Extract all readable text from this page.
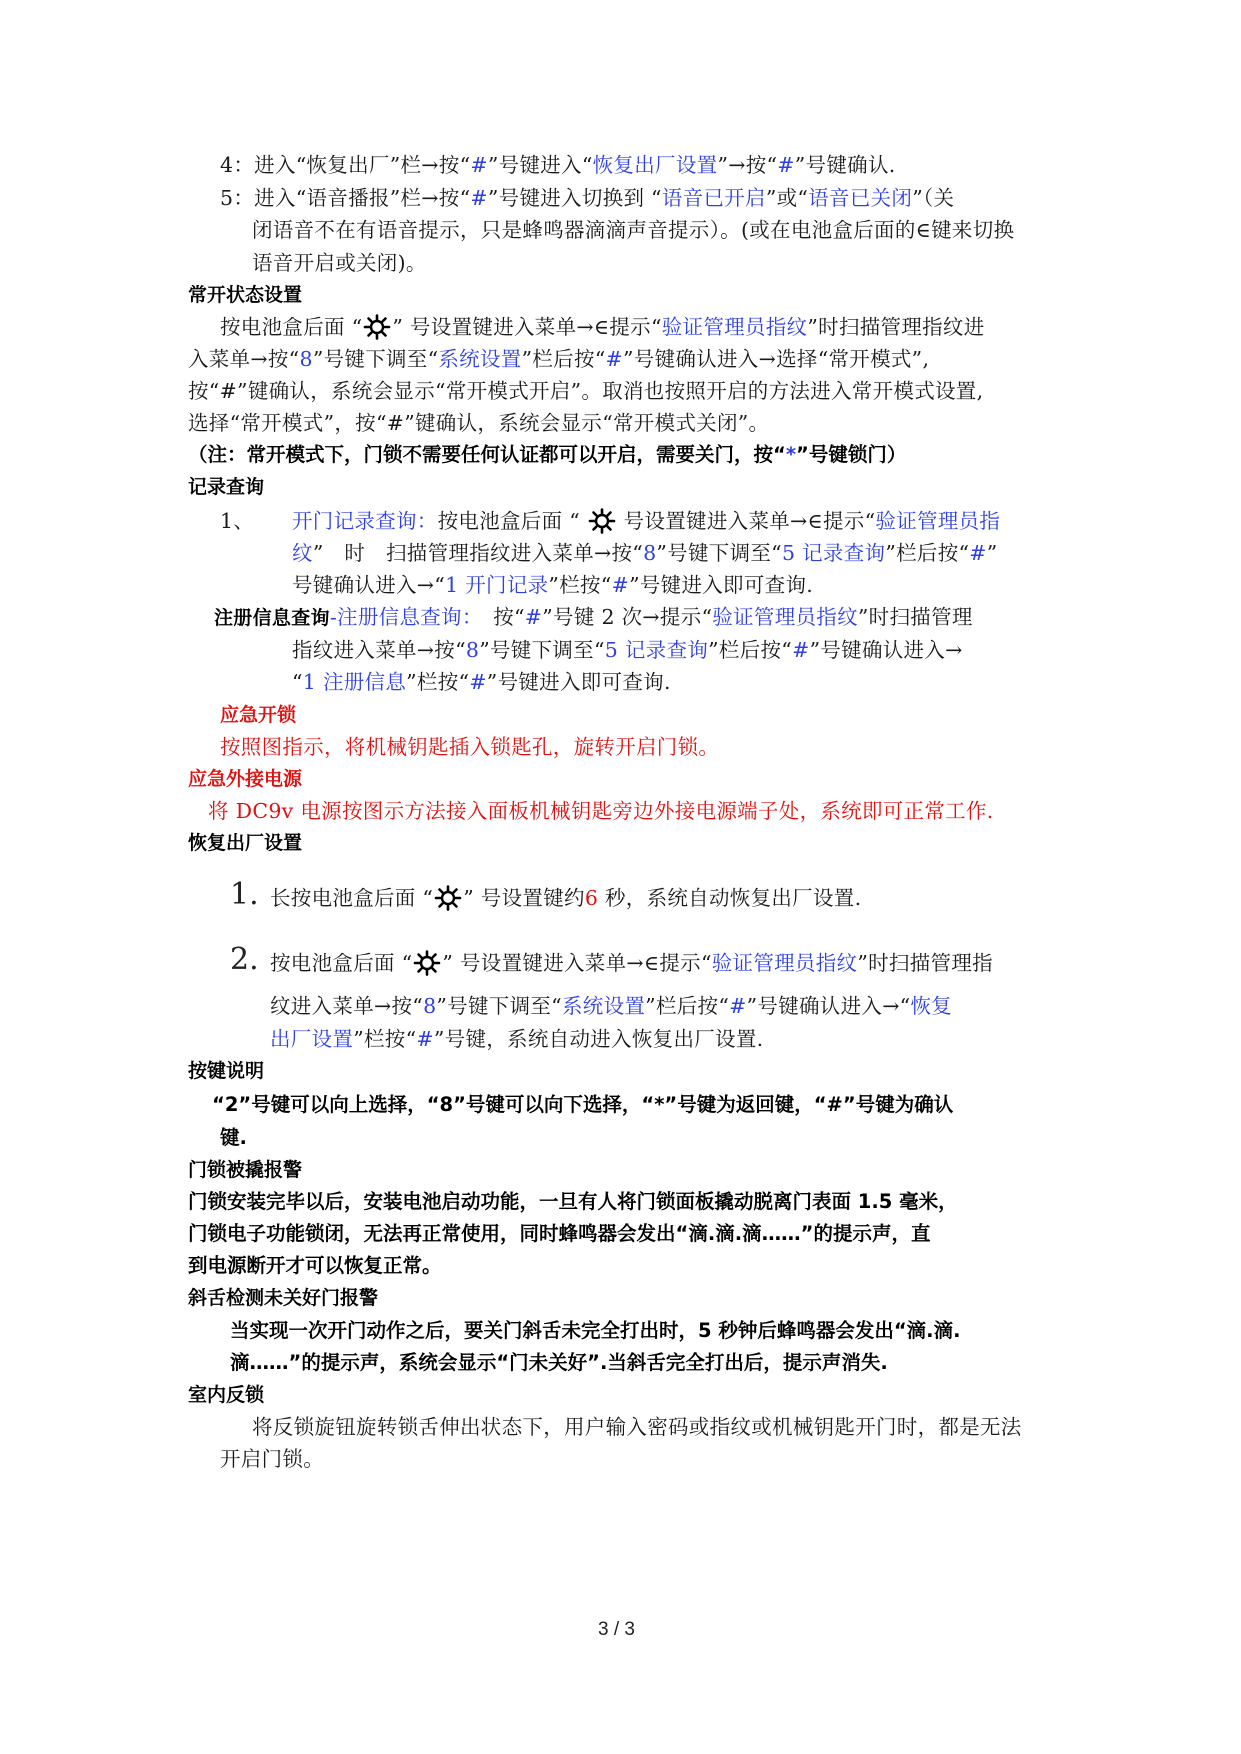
4：进入“恢复出厂”栏→按“#”号键进入“恢复出厂设置”→按“#”号键确认.

5：进入“语音播报”栏→按“#”号键进入切换到 “语音已开启”或“语音已关闭”（关

闭语音不在有语音提示，只是蜂鸣器滴滴声音提示）。(或在电池盒后面的∈键来切换

语音开启或关闭)。

常开状态设置

按电池盒后面 “ ” 号设置键进入菜单→∈提示“验证管理员指纹”时扫描管理指纹进

入菜单→按“8”号键下调至“系统设置”栏后按“#”号键确认进入→选择“常开模式”,

按“#”键确认，系统会显示“常开模式开启”。取消也按照开启的方法进入常开模式设置,

选择“常开模式”，按“#”键确认，系统会显示“常开模式关闭”。

（注：常开模式下，门锁不需要任何认证都可以开启，需要关门，按“*”号键锁门）

记录查询

1、 开门记录查询：按电池盒后面 “  号设置键进入菜单→∈提示“验证管理员指

纹”　时　扫描管理指纹进入菜单→按“8”号键下调至“5 记录查询”栏后按“#”

号键确认进入→“1 开门记录”栏按“#”号键进入即可查询.

注册信息查询-注册信息查询：　按“#”号键 2 次→提示“验证管理员指纹”时扫描管理

指纹进入菜单→按“8”号键下调至“5 记录查询”栏后按“#”号键确认进入→

“1 注册信息”栏按“#”号键进入即可查询.

应急开锁

按照图指示，将机械钥匙插入锁匙孔，旋转开启门锁。

应急外接电源

将 DC9v 电源按图示方法接入面板机械钥匙旁边外接电源端子处，系统即可正常工作.

恢复出厂设置

1. 长按电池盒后面 “ ” 号设置键约6 秒，系统自动恢复出厂设置.

2. 按电池盒后面 “ ” 号设置键进入菜单→∈提示“验证管理员指纹”时扫描管理指

纹进入菜单→按“8”号键下调至“系统设置”栏后按“#”号键确认进入→“恢复

出厂设置”栏按“#”号键，系统自动进入恢复出厂设置.

按键说明

“2”号键可以向上选择，“8”号键可以向下选择，“*”号键为返回键，“#”号键为确认

键.

门锁被撬报警

门锁安装完毕以后，安装电池启动功能，一旦有人将门锁面板撬动脱离门表面 1.5 毫米，

门锁电子功能锁闭，无法再正常使用，同时蜂鸣器会发出“滴.滴.滴……”的提示声，直

到电源断开才可以恢复正常。

斜舌检测未关好门报警

当实现一次开门动作之后，要关门斜舌未完全打出时，5 秒钟后蜂鸣器会发出“滴.滴.

滴……”的提示声，系统会显示“门未关好”.当斜舌完全打出后，提示声消失.

室内反锁

将反锁旋钮旋转锁舌伸出状态下，用户输入密码或指纹或机械钥匙开门时，都是无法

开启门锁。

3 / 3
